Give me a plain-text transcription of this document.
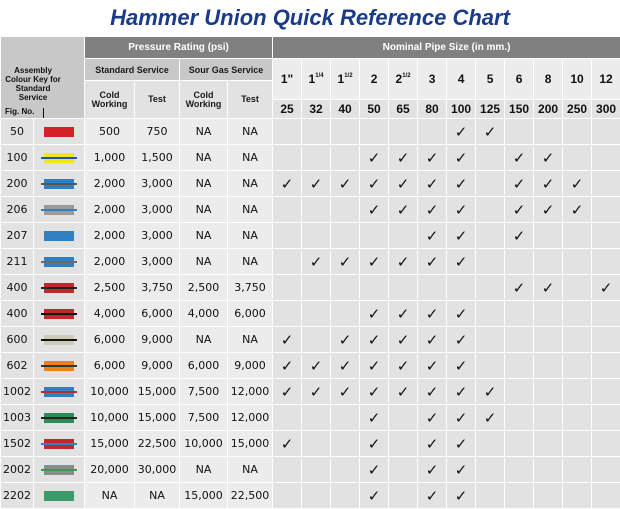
Hammer Union Quick Reference Chart
Assembly Colour Key for Standard Service
Fig. No.		Pressure Rating (psi)				Nominal Pipe Size (in mm.)											
		Standard Service		Sour Gas Service		1"	$1^{1/4}$	$1^{1/2}$	2	$2^{1/2}$	3	4	5	6	8	10	12
		Cold Working	Test	Cold Working	Test												
						25	32	40	50	65	80	100	125	150	200	250	300
50		500	750	NA	NA							✓	✓				
100		1,000	1,500	NA	NA				✓	✓	✓	✓		✓	✓		
200		2,000	3,000	NA	NA	✓	✓	✓	✓	✓	✓	✓		✓	✓	✓	
206		2,000	3,000	NA	NA				✓	✓	✓	✓		✓	✓	✓	
207		2,000	3,000	NA	NA						✓	✓		✓			
211		2,000	3,000	NA	NA		✓	✓	✓	✓	✓	✓					
400		2,500	3,750	2,500	3,750									✓	✓		✓
400		4,000	6,000	4,000	6,000				✓	✓	✓	✓					
600		6,000	9,000	NA	NA	✓		✓	✓	✓	✓	✓					
602		6,000	9,000	6,000	9,000	✓	✓	✓	✓	✓	✓	✓					
1002		10,000	15,000	7,500	12,000	✓	✓	✓	✓	✓	✓	✓	✓				
1003		10,000	15,000	7,500	12,000				✓		✓	✓	✓				
1502		15,000	22,500	10,000	15,000	✓			✓		✓	✓					
2002		20,000	30,000	NA	NA				✓		✓	✓					
2202		NA	NA	15,000	22,500				✓		✓	✓					
